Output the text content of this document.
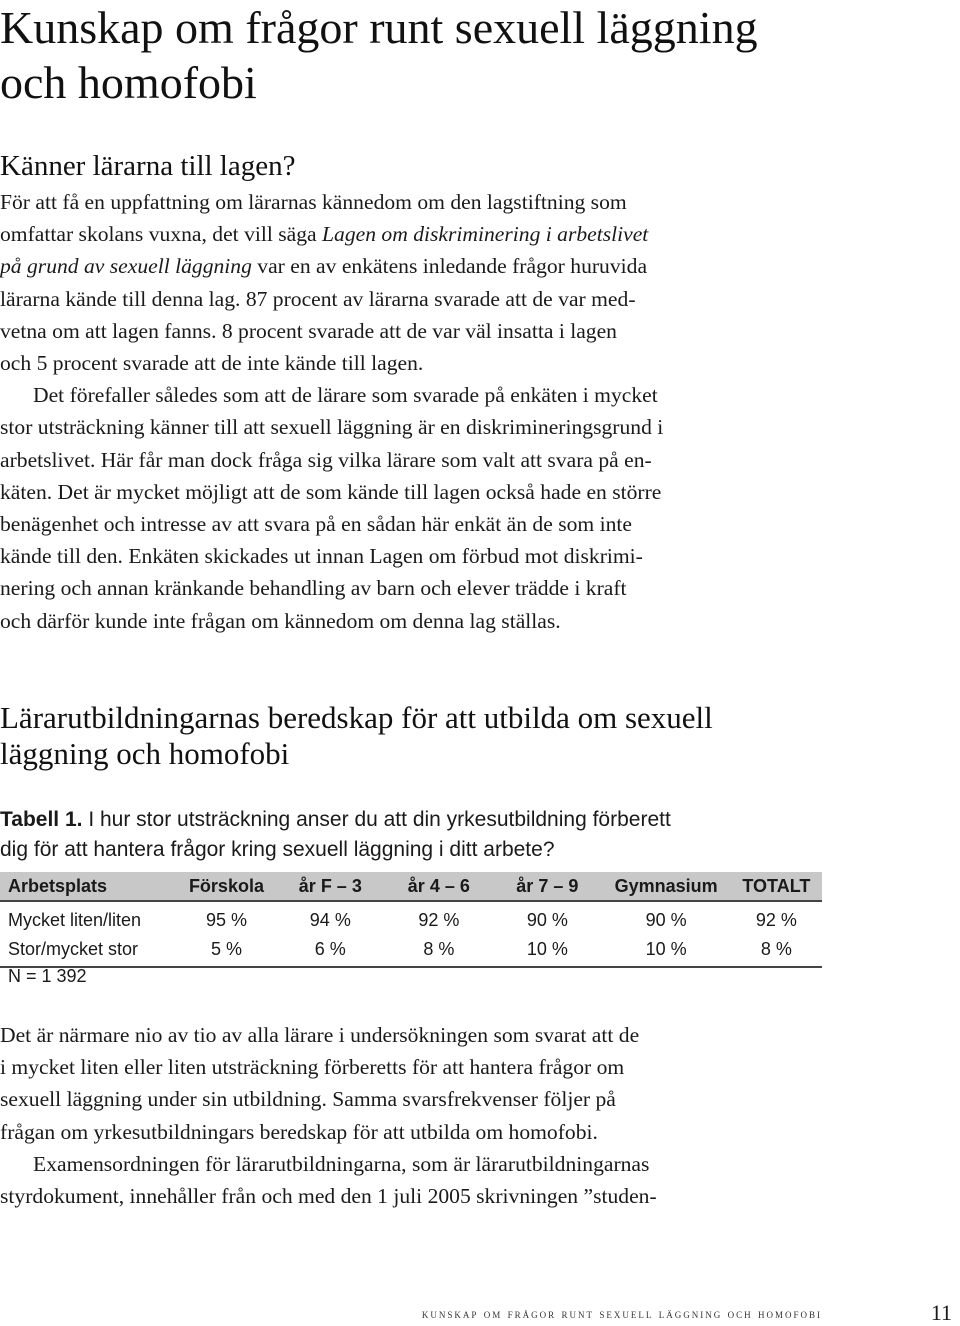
Kunskap om frågor runt sexuell läggning
och homofobi
Känner lärarna till lagen?
För att få en uppfattning om lärarnas kännedom om den lagstiftning som
omfattar skolans vuxna, det vill säga Lagen om diskriminering i arbetslivet
på grund av sexuell läggning var en av enkätens inledande frågor huruvida
lärarna kände till denna lag. 87 procent av lärarna svarade att de var med-
vetna om att lagen fanns. 8 procent svarade att de var väl insatta i lagen
och 5 procent svarade att de inte kände till lagen.
Det förefaller således som att de lärare som svarade på enkäten i mycket
stor utsträckning känner till att sexuell läggning är en diskrimineringsgrund i
arbetslivet. Här får man dock fråga sig vilka lärare som valt att svara på en-
käten. Det är mycket möjligt att de som kände till lagen också hade en större
benägenhet och intresse av att svara på en sådan här enkät än de som inte
kände till den. Enkäten skickades ut innan Lagen om förbud mot diskrimi-
nering och annan kränkande behandling av barn och elever trädde i kraft
och därför kunde inte frågan om kännedom om denna lag ställas.
Lärarutbildningarnas beredskap för att utbilda om sexuell
läggning och homofobi

Tabell 1. I hur stor utsträckning anser du att din yrkesutbildning förberett
dig för att hantera frågor kring sexuell läggning i ditt arbete?

Arbetsplats	Förskola	år F – 3	år 4 – 6	år 7 – 9	Gymnasium	TOTALT
Mycket liten/liten	95 %	94 %	92 %	90 %	90 %	92 %
Stor/mycket stor	5 %	6 %	8 %	10 %	10 %	8 %
N = 1 392
Det är närmare nio av tio av alla lärare i undersökningen som svarat att de
i mycket liten eller liten utsträckning förberetts för att hantera frågor om
sexuell läggning under sin utbildning. Samma svarsfrekvenser följer på
frågan om yrkesutbildningars beredskap för att utbilda om homofobi.
Examensordningen för lärarutbildningarna, som är lärarutbildningarnas
styrdokument, innehåller från och med den 1 juli 2005 skrivningen ”studen-
kunskap om frågor runt sexuell läggning och homofobi	11
